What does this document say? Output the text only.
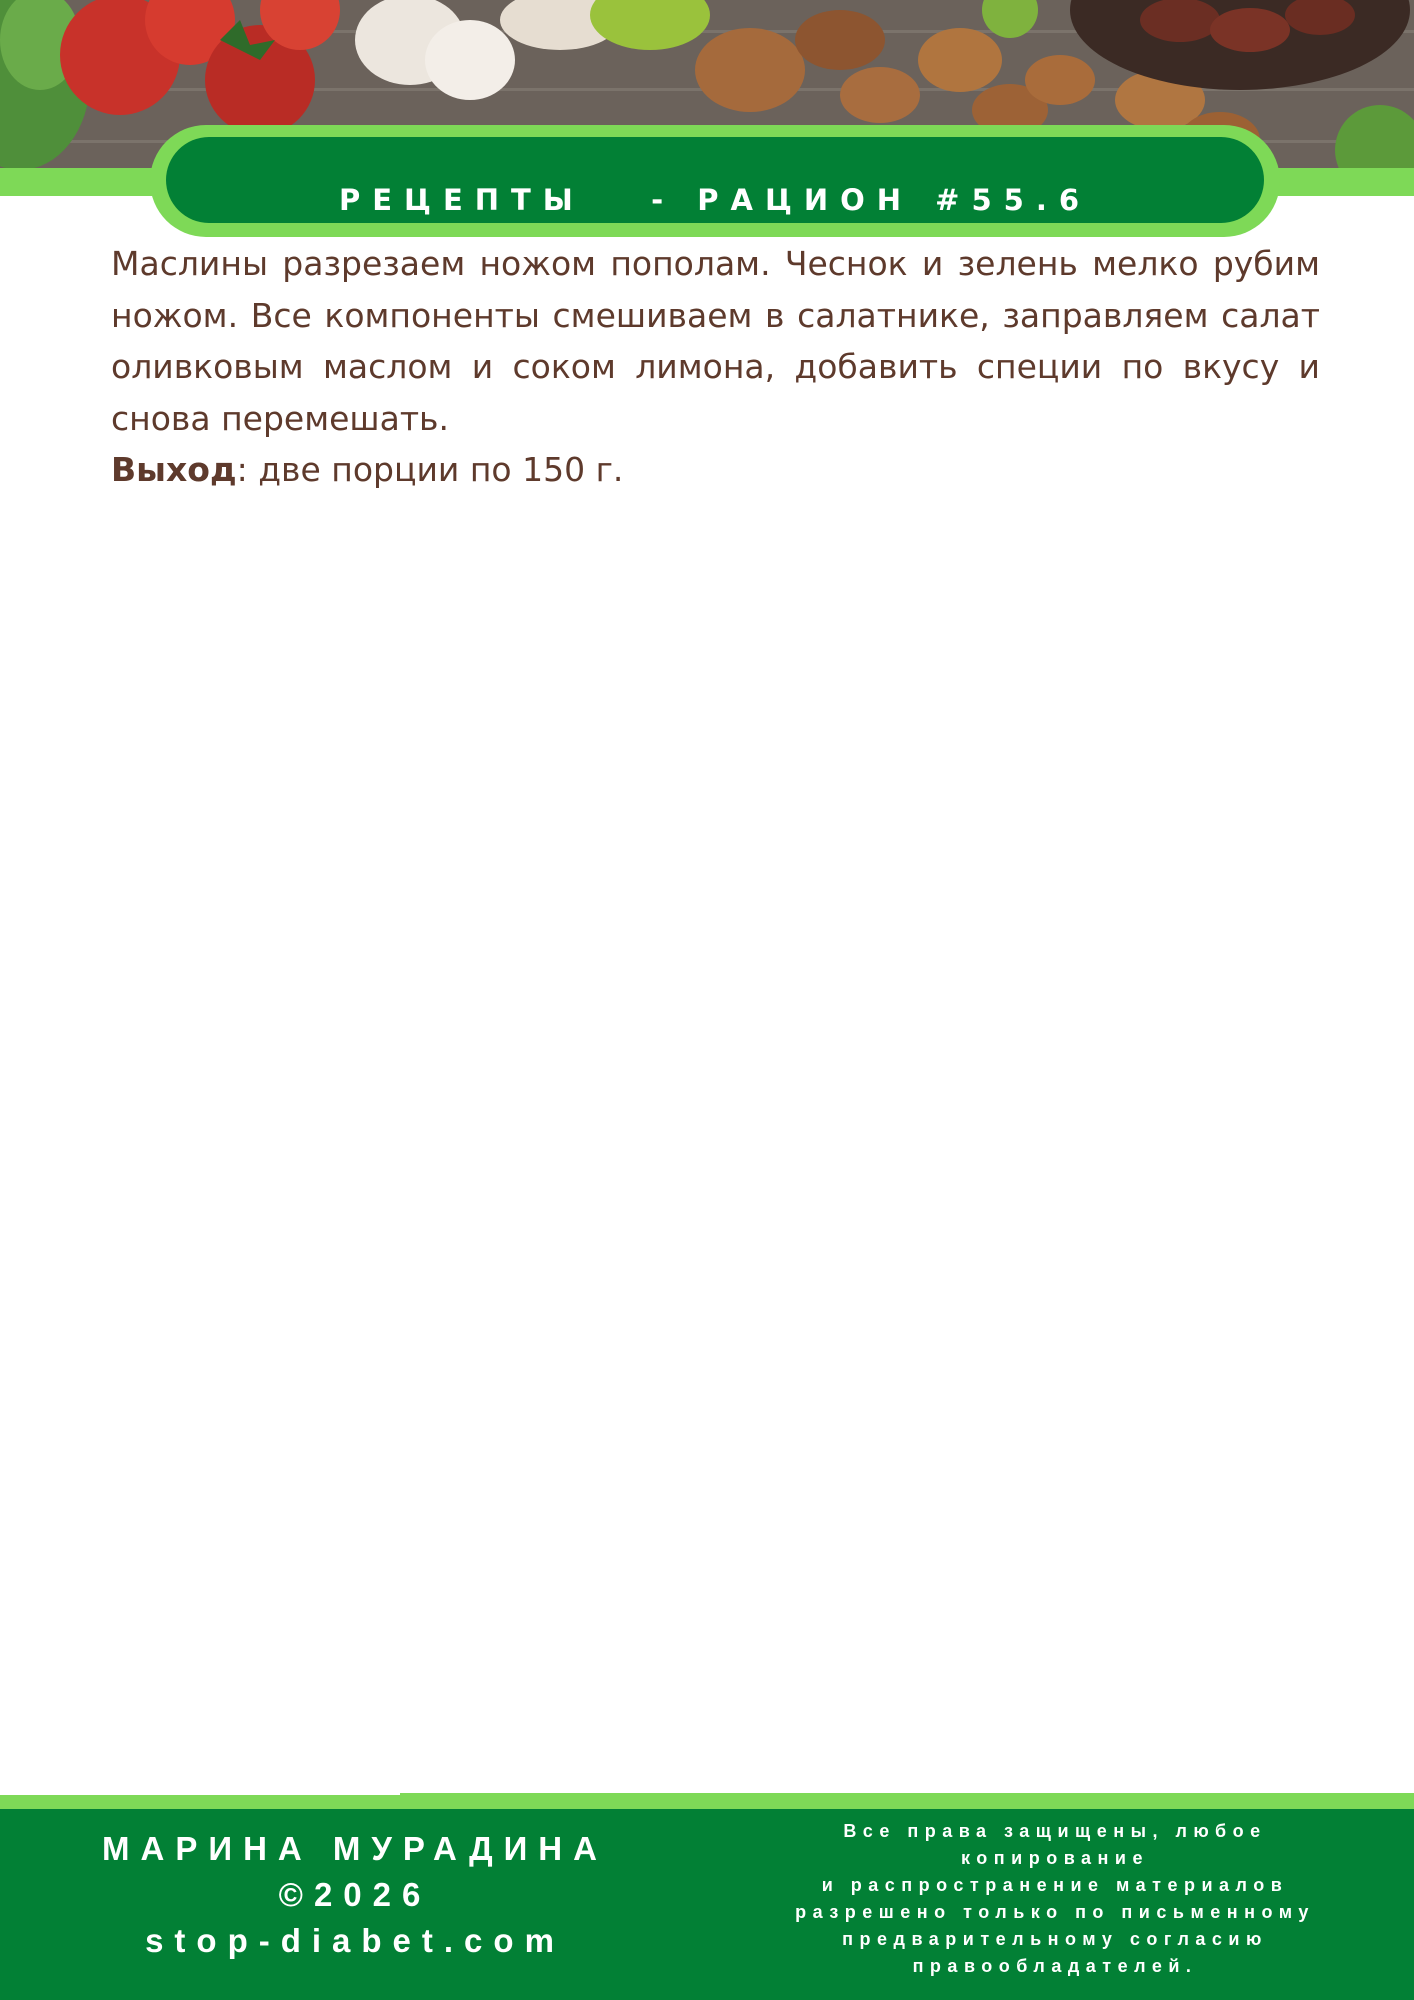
РЕЦЕПТЫ   - РАЦИОН #55.6

Маслины разрезаем ножом пополам. Чеснок и зелень мелко рубим ножом. Все компоненты смешиваем в салатнике, заправляем салат оливковым маслом и соком лимона, добавить специи по вкусу и снова перемешать.

Выход: две порции по 150 г.
МАРИНА МУРАДИНА
©2026
stop-diabet.com
Все права защищены, любое
копирование
и распространение материалов
разрешено только по письменному
предварительному согласию
правообладателей.
